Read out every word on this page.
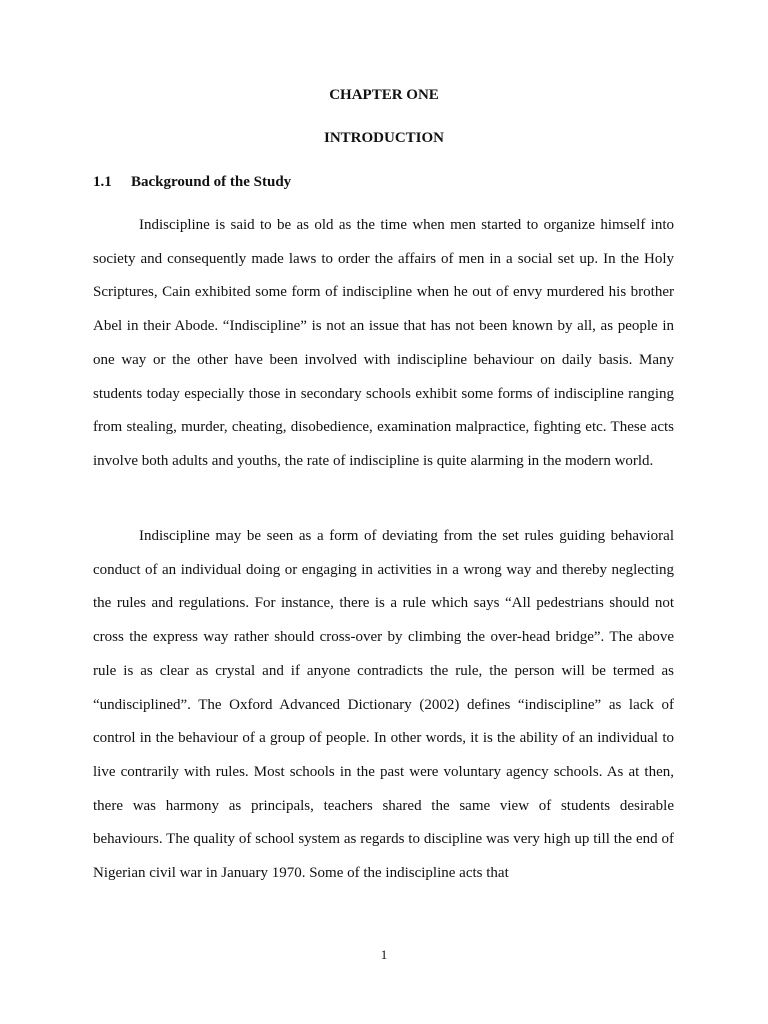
CHAPTER ONE
INTRODUCTION
1.1 Background of the Study

Indiscipline is said to be as old as the time when men started to organize himself into society and consequently made laws to order the affairs of men in a social set up. In the Holy Scriptures, Cain exhibited some form of indiscipline when he out of envy murdered his brother Abel in their Abode. “Indiscipline” is not an issue that has not been known by all, as people in one way or the other have been involved with indiscipline behaviour on daily basis. Many students today especially those in secondary schools exhibit some forms of indiscipline ranging from stealing, murder, cheating, disobedience, examination malpractice, fighting etc. These acts involve both adults and youths, the rate of indiscipline is quite alarming in the modern world.

Indiscipline may be seen as a form of deviating from the set rules guiding behavioral conduct of an individual doing or engaging in activities in a wrong way and thereby neglecting the rules and regulations. For instance, there is a rule which says “All pedestrians should not cross the express way rather should cross-over by climbing the over-head bridge”. The above rule is as clear as crystal and if anyone contradicts the rule, the person will be termed as “undisciplined”. The Oxford Advanced Dictionary (2002) defines “indiscipline” as lack of control in the behaviour of a group of people. In other words, it is the ability of an individual to live contrarily with rules. Most schools in the past were voluntary agency schools. As at then, there was harmony as principals, teachers shared the same view of students desirable behaviours. The quality of school system as regards to discipline was very high up till the end of Nigerian civil war in January 1970. Some of the indiscipline acts that

1
